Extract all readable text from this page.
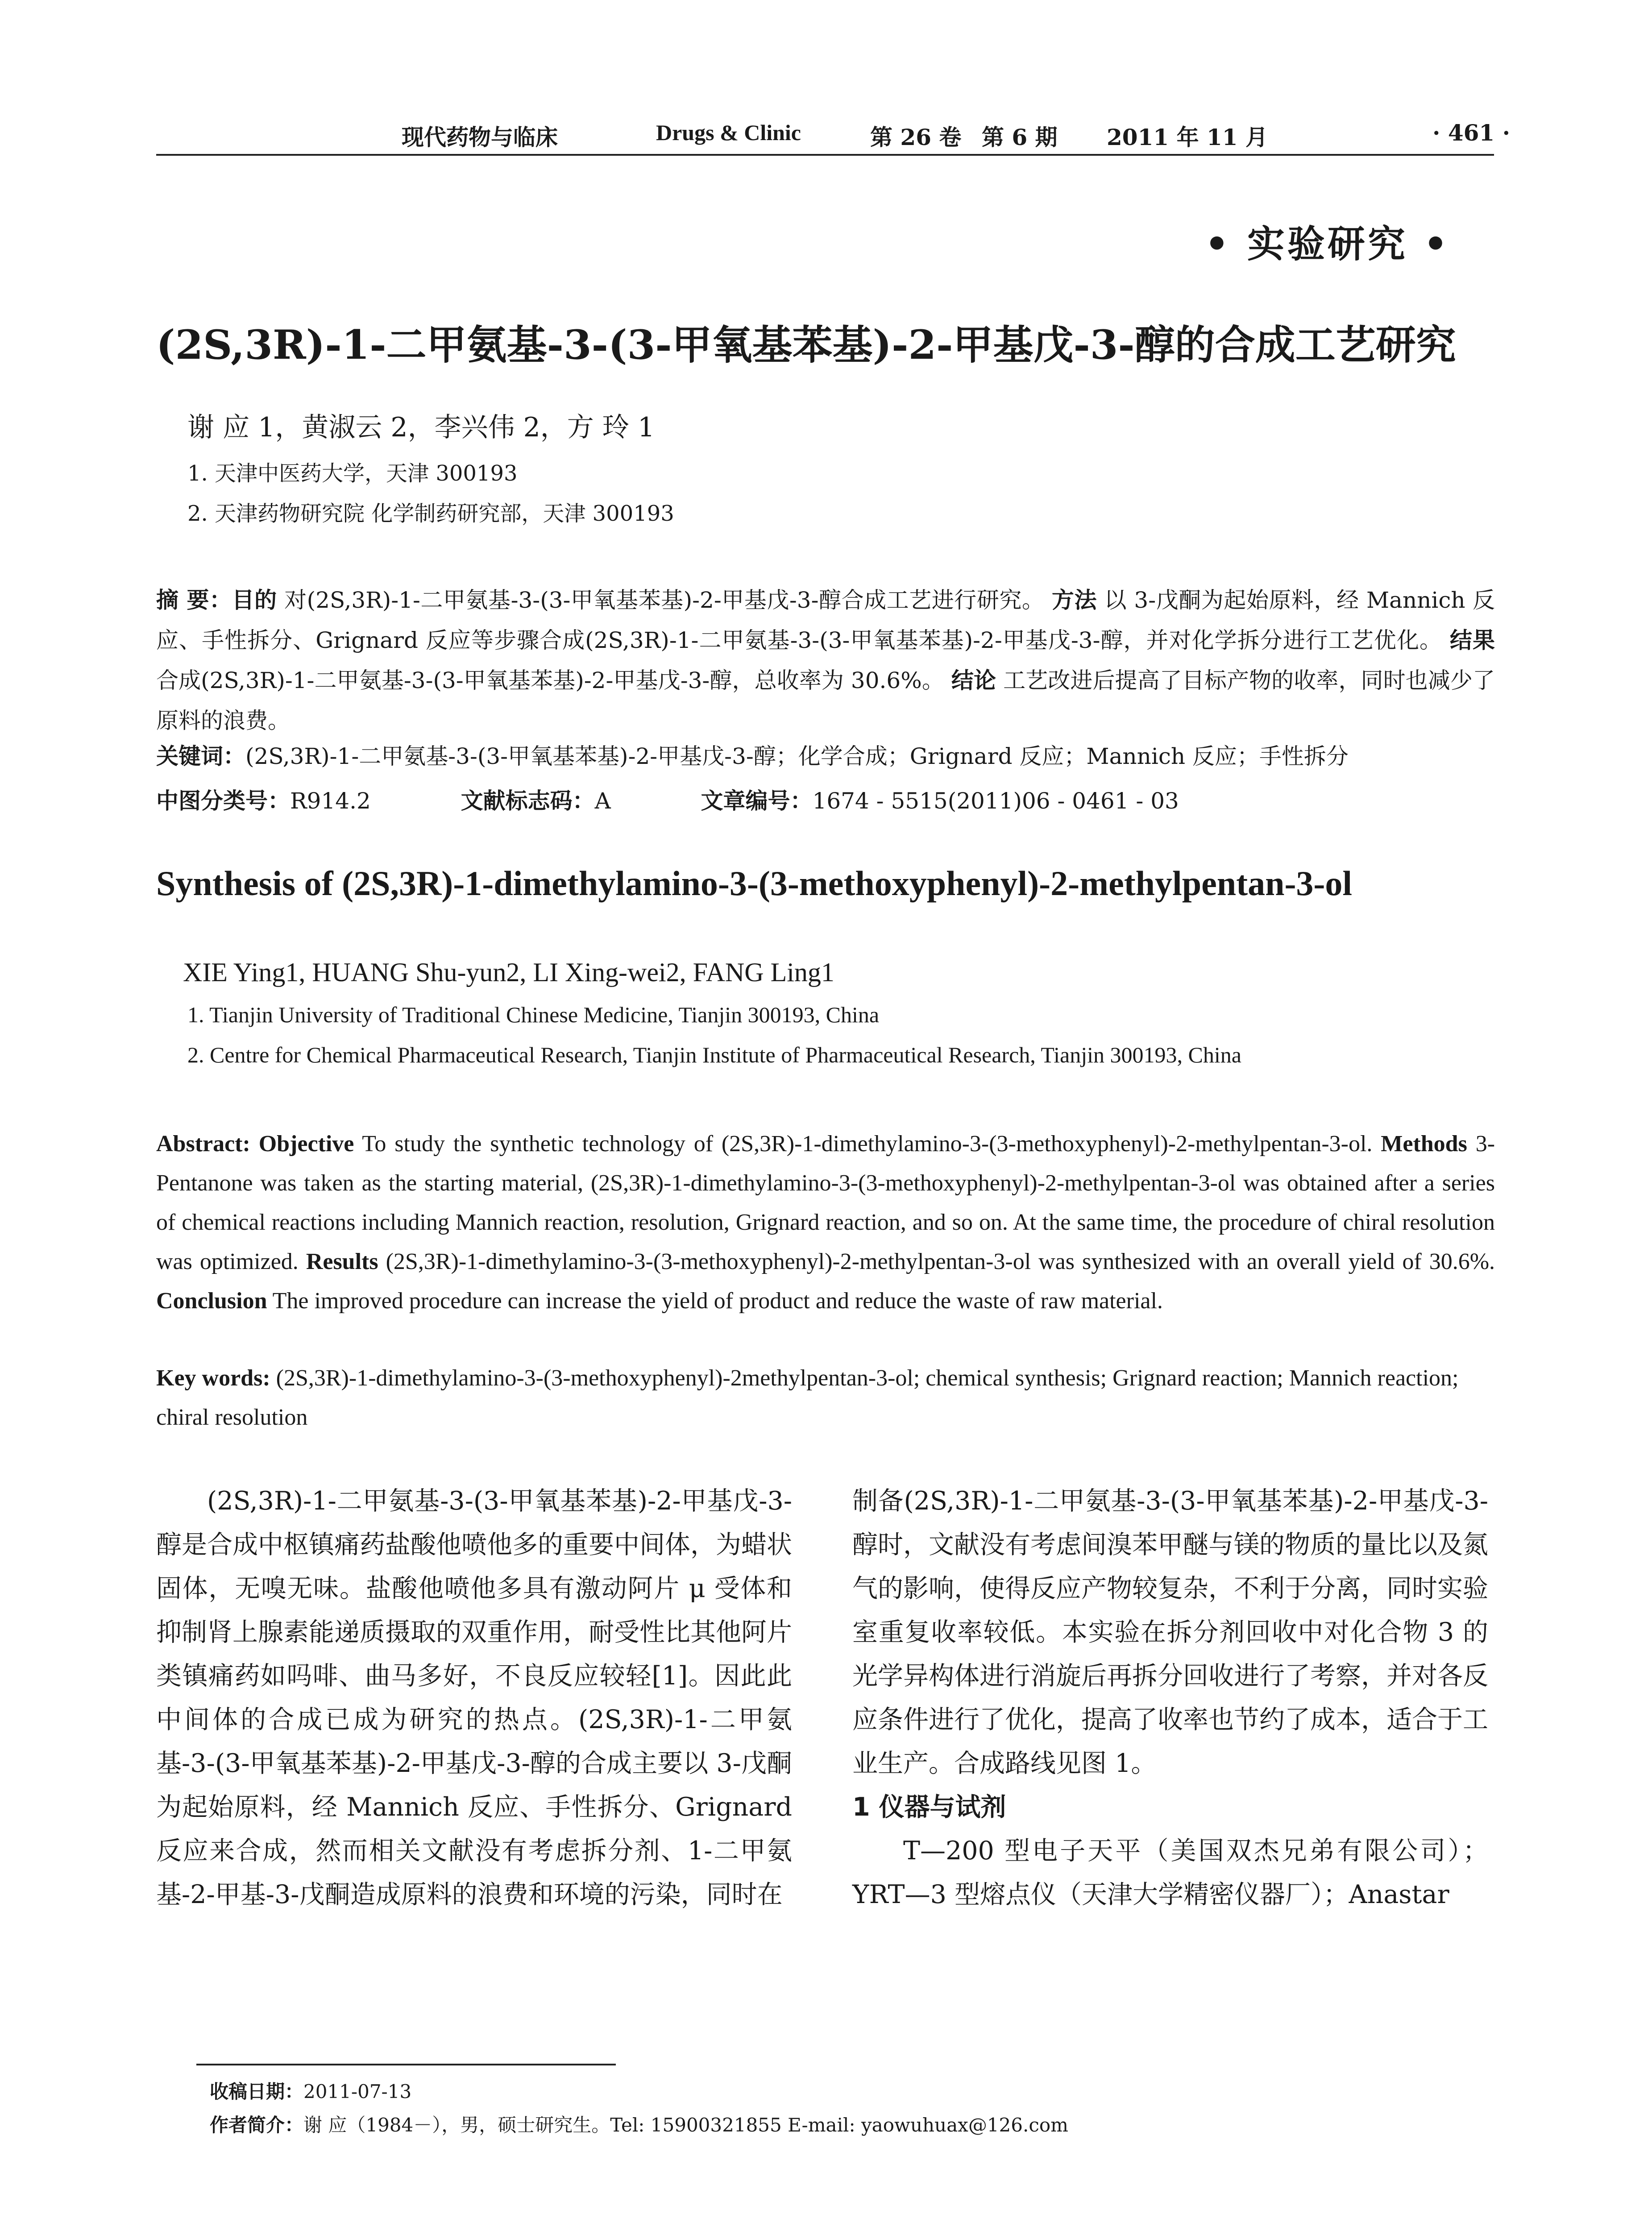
现代药物与临床	Drugs & Clinic	第 26 卷 第 6 期 2011 年 11 月	· 461 ·
• 实验研究 •
(2S,3R)-1-二甲氨基-3-(3-甲氧基苯基)-2-甲基戊-3-醇的合成工艺研究
谢 应 1，黄淑云 2，李兴伟 2，方 玲 1
1. 天津中医药大学，天津 300193
2. 天津药物研究院 化学制药研究部，天津 300193
摘 要：目的 对(2S,3R)-1-二甲氨基-3-(3-甲氧基苯基)-2-甲基戊-3-醇合成工艺进行研究。 方法 以 3-戊酮为起始原料，经 Mannich 反应、手性拆分、Grignard 反应等步骤合成(2S,3R)-1-二甲氨基-3-(3-甲氧基苯基)-2-甲基戊-3-醇，并对化学拆分进行工艺优化。 结果 合成(2S,3R)-1-二甲氨基-3-(3-甲氧基苯基)-2-甲基戊-3-醇，总收率为 30.6%。 结论 工艺改进后提高了目标产物的收率，同时也减少了原料的浪费。
关键词：(2S,3R)-1-二甲氨基-3-(3-甲氧基苯基)-2-甲基戊-3-醇；化学合成；Grignard 反应；Mannich 反应；手性拆分
中图分类号：R914.2	文献标志码：A	文章编号：1674 - 5515(2011)06 - 0461 - 03
Synthesis of (2S,3R)-1-dimethylamino-3-(3-methoxyphenyl)-2-methylpentan-3-ol
XIE Ying1, HUANG Shu-yun2, LI Xing-wei2, FANG Ling1
1. Tianjin University of Traditional Chinese Medicine, Tianjin 300193, China
2. Centre for Chemical Pharmaceutical Research, Tianjin Institute of Pharmaceutical Research, Tianjin 300193, China
Abstract: Objective To study the synthetic technology of (2S,3R)-1-dimethylamino-3-(3-methoxyphenyl)-2-methylpentan-3-ol. Methods 3-Pentanone was taken as the starting material, (2S,3R)-1-dimethylamino-3-(3-methoxyphenyl)-2-methylpentan-3-ol was obtained after a series of chemical reactions including Mannich reaction, resolution, Grignard reaction, and so on. At the same time, the procedure of chiral resolution was optimized. Results (2S,3R)-1-dimethylamino-3-(3-methoxyphenyl)-2-methylpentan-3-ol was synthesized with an overall yield of 30.6%. Conclusion The improved procedure can increase the yield of product and reduce the waste of raw material.
Key words: (2S,3R)-1-dimethylamino-3-(3-methoxyphenyl)-2methylpentan-3-ol; chemical synthesis; Grignard reaction; Mannich reaction; chiral resolution
(2S,3R)-1-二甲氨基-3-(3-甲氧基苯基)-2-甲基戊-3-醇是合成中枢镇痛药盐酸他喷他多的重要中间体，为蜡状固体，无嗅无味。盐酸他喷他多具有激动阿片 μ 受体和抑制肾上腺素能递质摄取的双重作用，耐受性比其他阿片类镇痛药如吗啡、曲马多好，不良反应较轻[1]。因此此中间体的合成已成为研究的热点。(2S,3R)-1-二甲氨基-3-(3-甲氧基苯基)-2-甲基戊-3-醇的合成主要以 3-戊酮为起始原料，经 Mannich 反应、手性拆分、Grignard 反应来合成，然而相关文献没有考虑拆分剂、1-二甲氨基-2-甲基-3-戊酮造成原料的浪费和环境的污染，同时在
制备(2S,3R)-1-二甲氨基-3-(3-甲氧基苯基)-2-甲基戊-3-醇时，文献没有考虑间溴苯甲醚与镁的物质的量比以及氮气的影响，使得反应产物较复杂，不利于分离，同时实验室重复收率较低。本实验在拆分剂回收中对化合物 3 的光学异构体进行消旋后再拆分回收进行了考察，并对各反应条件进行了优化，提高了收率也节约了成本，适合于工业生产。合成路线见图 1。
1 仪器与试剂
T—200 型电子天平（美国双杰兄弟有限公司）；YRT—3 型熔点仪（天津大学精密仪器厂）；Anastar
收稿日期：2011-07-13
作者简介：谢 应（1984－），男，硕士研究生。Tel: 15900321855 E-mail: yaowuhuax@126.com
